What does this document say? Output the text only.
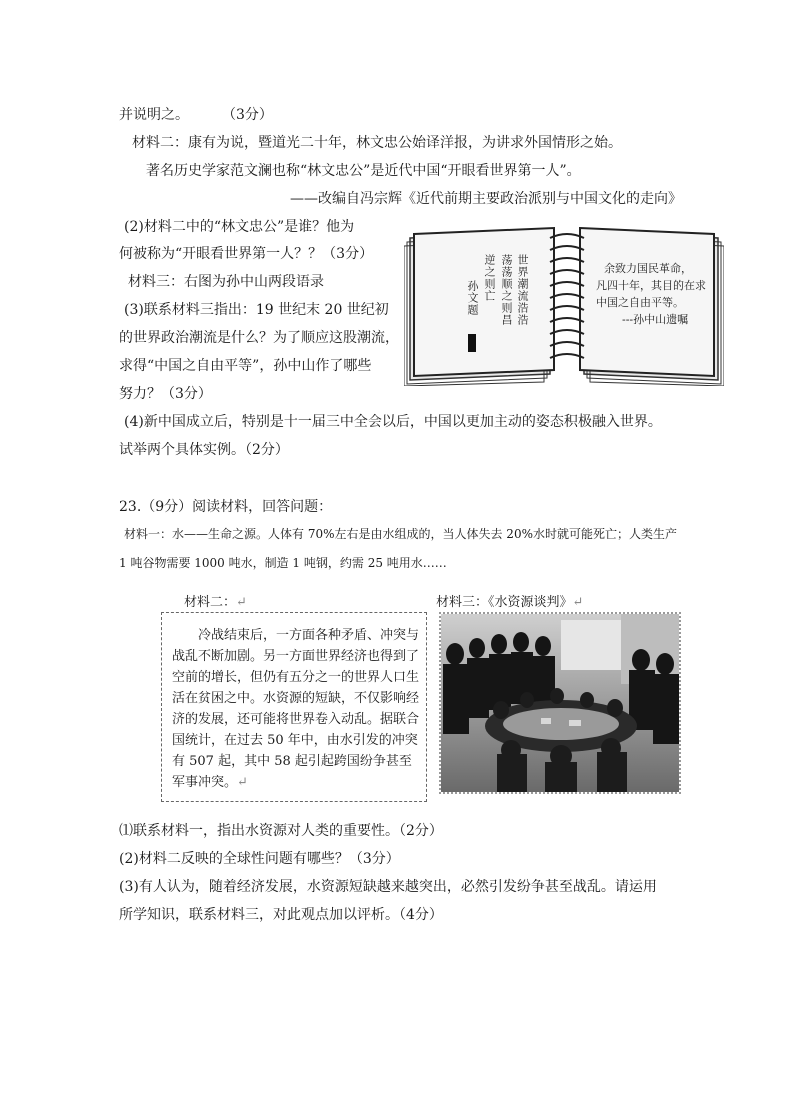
并说明之。 （3分）
材料二：康有为说，暨道光二十年，林文忠公始译洋报，为讲求外国情形之始。
著名历史学家范文澜也称“林文忠公”是近代中国“开眼看世界第一人”。
——改编自冯宗辉《近代前期主要政治派别与中国文化的走向》
(2)材料二中的“林文忠公”是谁？他为
何被称为“开眼看世界第一人？？（3分）
材料三：右图为孙中山两段语录
(3)联系材料三指出：19 世纪末 20 世纪初
的世界政治潮流是什么？为了顺应这股潮流，
求得“中国之自由平等”，孙中山作了哪些
努力？（3分）
(4)新中国成立后，特别是十一届三中全会以后，中国以更加主动的姿态积极融入世界。
试举两个具体实例。（2分）
世界潮流浩浩
荡荡顺之则昌
逆之则亡
孙文题
余致力国民革命，
凡四十年，其目的在求
中国之自由平等。
---孙中山遗嘱
23.（9分）阅读材料，回答问题：
材料一：水——生命之源。人体有 70%左右是由水组成的，当人体失去 20%水时就可能死亡；人类生产
1 吨谷物需要 1000 吨水，制造 1 吨钢，约需 25 吨用水……
材料二：↵	材料三：《水资源谈判》↵

冷战结束后，一方面各种矛盾、冲突与战乱不断加剧。另一方面世界经济也得到了空前的增长，但仍有五分之一的世界人口生活在贫困之中。水资源的短缺，不仅影响经济的发展，还可能将世界卷入动乱。据联合国统计，在过去 50 年中，由水引发的冲突有 507 起，其中 58 起引起跨国纷争甚至军事冲突。↵

⑴联系材料一，指出水资源对人类的重要性。（2分）
(2)材料二反映的全球性问题有哪些？（3分）
(3)有人认为，随着经济发展，水资源短缺越来越突出，必然引发纷争甚至战乱。请运用
所学知识，联系材料三，对此观点加以评析。（4分）
